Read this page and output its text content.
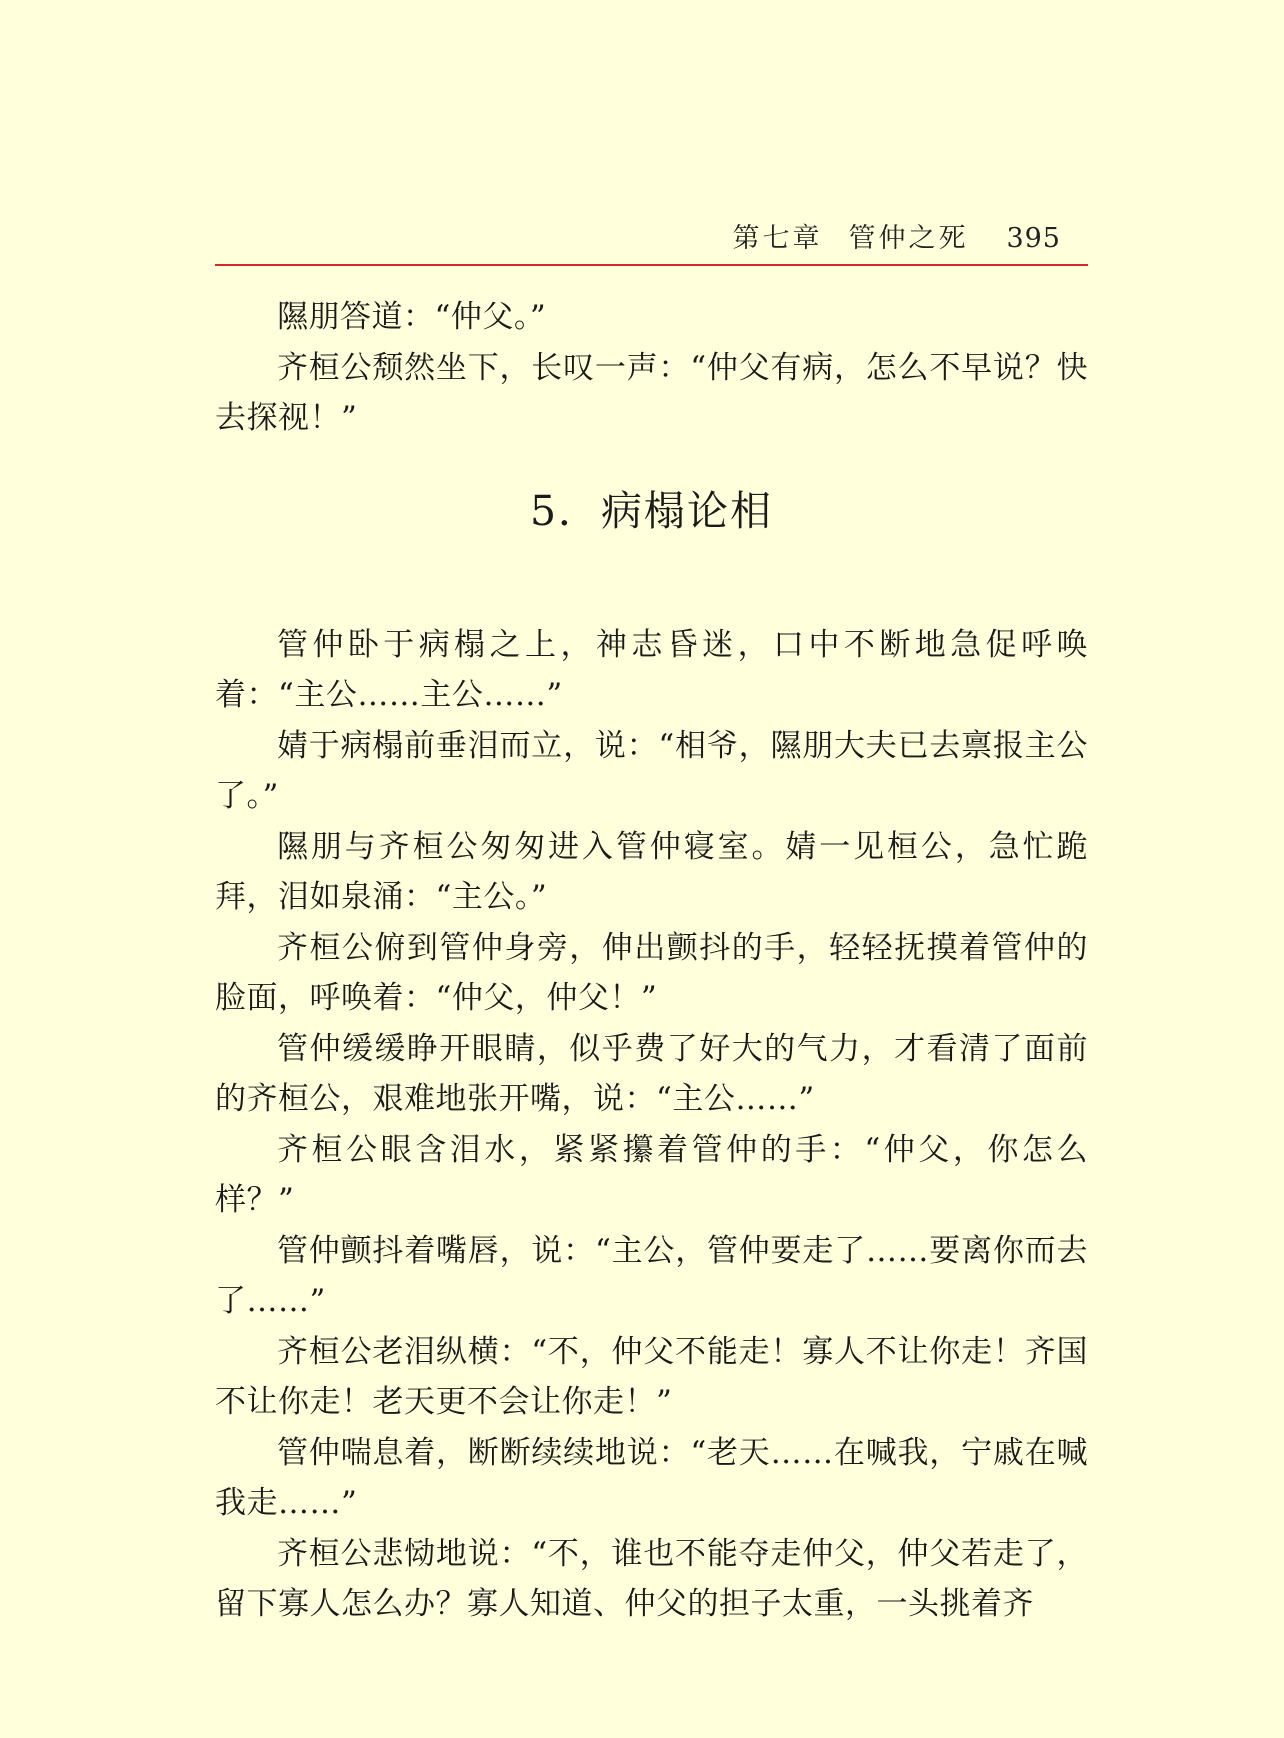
第七章 管仲之死 395

隰朋答道：“仲父。”

齐桓公颓然坐下，长叹一声：“仲父有病，怎么不早说？快去探视！”

5．病榻论相

管仲卧于病榻之上，神志昏迷，口中不断地急促呼唤着：“主公……主公……”

婧于病榻前垂泪而立，说：“相爷，隰朋大夫已去禀报主公了。”

隰朋与齐桓公匆匆进入管仲寝室。婧一见桓公，急忙跪拜，泪如泉涌：“主公。”

齐桓公俯到管仲身旁，伸出颤抖的手，轻轻抚摸着管仲的脸面，呼唤着：“仲父，仲父！”

管仲缓缓睁开眼睛，似乎费了好大的气力，才看清了面前的齐桓公，艰难地张开嘴，说：“主公……”

齐桓公眼含泪水，紧紧攥着管仲的手：“仲父，你怎么样？”

管仲颤抖着嘴唇，说：“主公，管仲要走了……要离你而去了……”

齐桓公老泪纵横：“不，仲父不能走！寡人不让你走！齐国不让你走！老天更不会让你走！”

管仲喘息着，断断续续地说：“老天……在喊我，宁戚在喊我走……”

齐桓公悲恸地说：“不，谁也不能夺走仲父，仲父若走了，留下寡人怎么办？寡人知道、仲父的担子太重，一头挑着齐
